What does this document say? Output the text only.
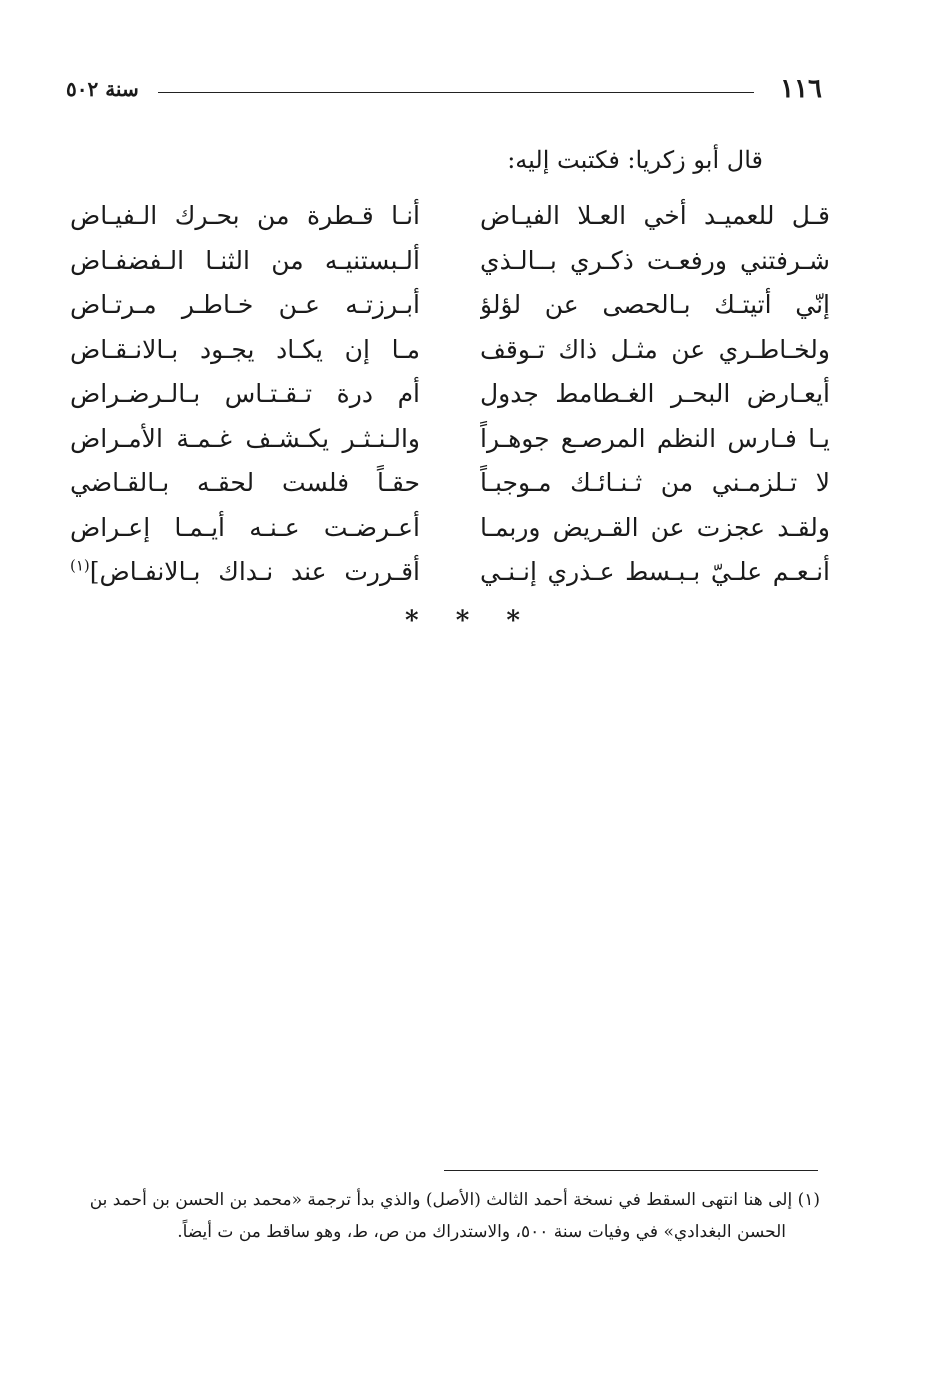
١١٦
سنة ٥٠٢
قال أبو زكريا: فكتبت إليه:
قـل للعميـد أخي العـلا الفيـاض
أنـا قـطرة من بحـرك الـفيـاض
شـرفتني ورفعـت ذكـري بــالـذي
ألـبستنيـه من الثنـا الـفضفـاض
إنّي أتيتـك بـالحصى عن لؤلؤ
أبـرزتـه عـن خـاطـر مـرتـاض
ولخـاطـري عن مثـل ذاك تـوقف
مـا إن يكـاد يجـود بـالانـقـاض
أيعـارض البحـر الغـطامط جدول
أم درة تـقـتـاس بـالـرضـراض
يـا فـارس النظم المرصـع جوهـراً
والـنـثـر يكـشـف غـمـة الأمـراض
لا تـلزمـني من ثـنـائـك مـوجبـاً
حقـاً فلست لحقـه بـالقـاضي
ولقـد عجزت عن القـريض وربمـا
أعـرضـت عـنـه أيـمـا إعـراض
أنـعـم علـيّ بـبـسط عـذري إنـنـي
أقـررت عند نـداك بـالانفـاض]$^{(١)}$
* * *
(١) إلى هنا انتهى السقط في نسخة أحمد الثالث (الأصل) والذي بدأ ترجمة «محمد بن الحسن بن أحمد بن
الحسن البغدادي» في وفيات سنة ٥٠٠، والاستدراك من ص، ط، وهو ساقط من ت أيضاً.
